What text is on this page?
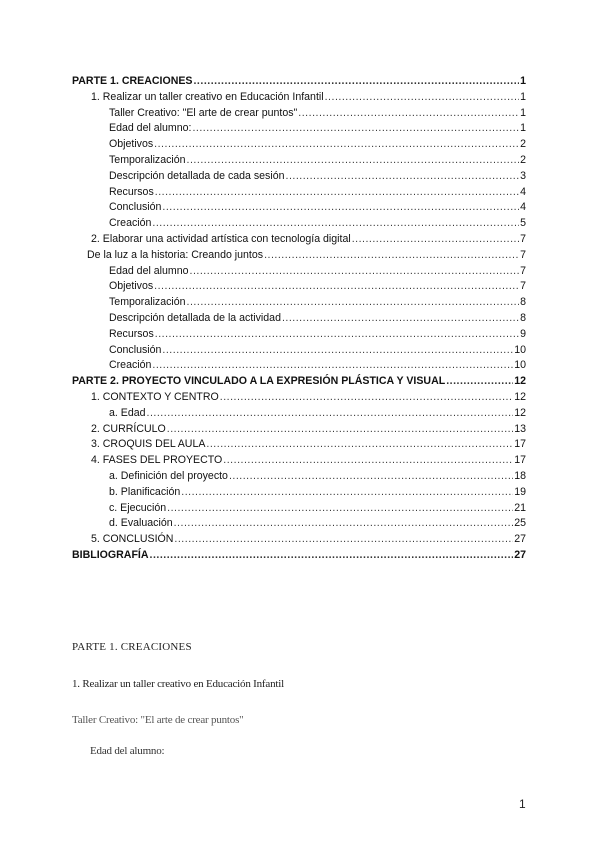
PARTE 1. CREACIONES .....	1
1. Realizar un taller creativo en Educación Infantil .....	1
Taller Creativo: "El arte de crear puntos" .....	1
Edad del alumno: .....	1
Objetivos .....	2
Temporalización .....	2
Descripción detallada de cada sesión .....	3
Recursos .....	4
Conclusión .....	4
Creación .....	5
2. Elaborar una actividad artística con tecnología digital .....	7
De la luz a la historia: Creando juntos .....	7
Edad del alumno .....	7
Objetivos .....	7
Temporalización .....	8
Descripción detallada de la actividad .....	8
Recursos .....	9
Conclusión .....	10
Creación .....	10
PARTE 2. PROYECTO VINCULADO A LA EXPRESIÓN PLÁSTICA Y VISUAL .....	12
1. CONTEXTO Y CENTRO .....	12
a. Edad .....	12
2. CURRÍCULO .....	13
3. CROQUIS DEL AULA .....	17
4. FASES DEL PROYECTO .....	17
a. Definición del proyecto .....	18
b. Planificación .....	19
c. Ejecución .....	21
d. Evaluación .....	25
5. CONCLUSIÓN .....	27
BIBLIOGRAFÍA .....	27
PARTE 1. CREACIONES
1. Realizar un taller creativo en Educación Infantil
Taller Creativo: "El arte de crear puntos"
Edad del alumno:
1
